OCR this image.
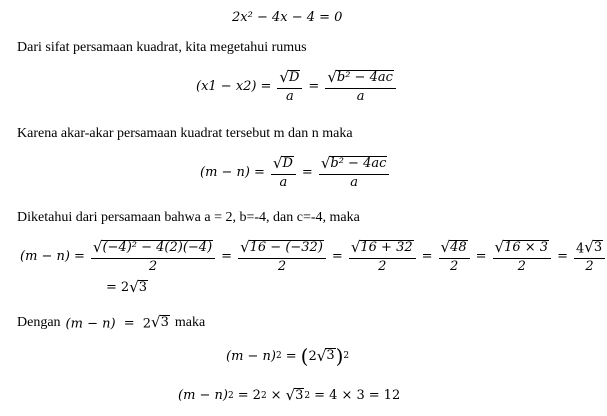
2x² − 4x − 4 = 0
Dari sifat persamaan kuadrat, kita megetahui rumus
$(x1 - x2) = \frac{√ D}{a} = \frac{\text{√ b² − 4ac}}{a}$
Karena akar-akar persamaan kuadrat tersebut m dan n maka
$(m - n) = \frac{√ D}{a} = \frac{\text{√ b² − 4ac}}{a}$
Diketahui dari persamaan bahwa a = 2, b=-4, dan c=-4, maka
$(m - n) = \frac{\text{√ (−4)² − 4(2)(−4)}}{2} = \frac{√ 16 - (-32)}{2} = \frac{√ 16 + 32}{2} = \frac{√ 48}{2} = \frac{√ 16 \times 3}{2} = \frac{4 √ 3}{2}$
= 2 √ 3
Dengan (m − n) = 2 √ 3 maka
(m − n) 2 = ( 2 √ 3 ) 2
(m − n) 2 = 2 2 × √ 3 2 = 4 × 3 = 12
